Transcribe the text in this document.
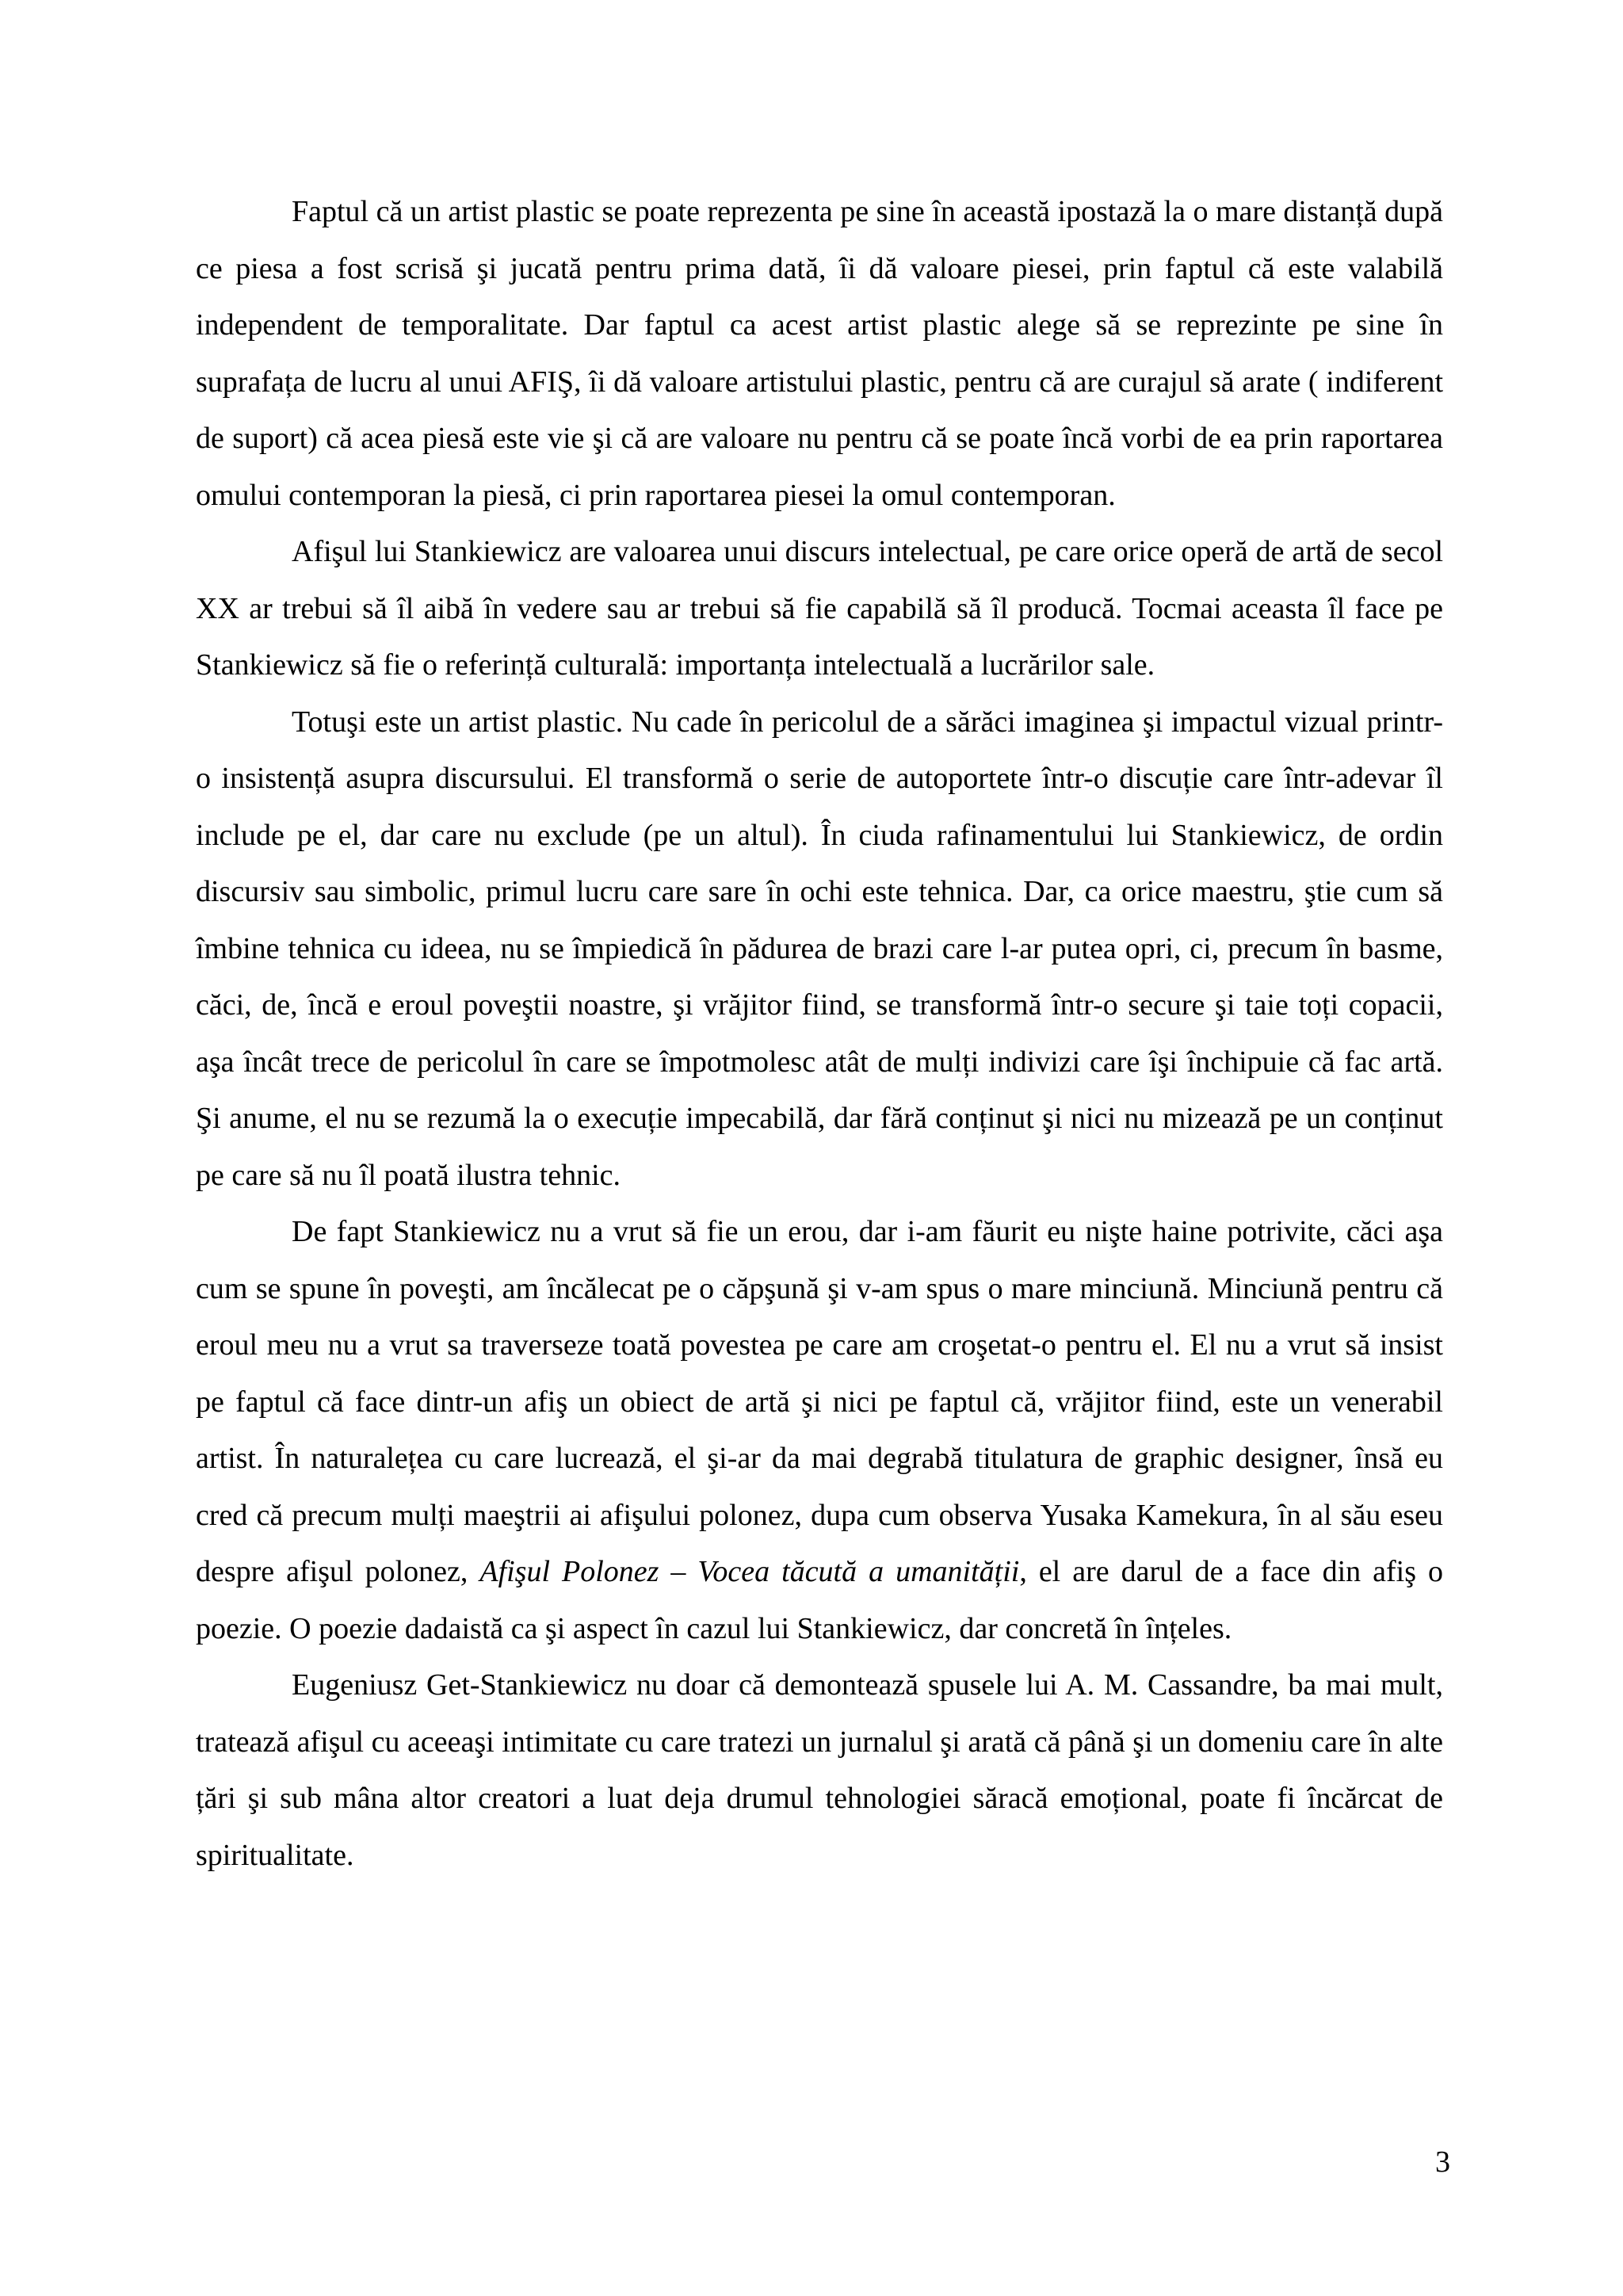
Faptul că un artist plastic se poate reprezenta pe sine în această ipostază la o mare distanță după ce piesa a fost scrisă şi jucată pentru prima dată, îi dă valoare piesei, prin faptul că este valabilă independent de temporalitate. Dar faptul ca acest artist plastic alege să se reprezinte pe sine în suprafața de lucru al unui AFIŞ, îi dă valoare artistului plastic, pentru că are curajul să arate ( indiferent de suport) că acea piesă este vie şi că are valoare nu pentru că se poate încă vorbi de ea prin raportarea omului contemporan la piesă, ci prin raportarea piesei la omul contemporan.

Afişul lui Stankiewicz are valoarea unui discurs intelectual, pe care orice operă de artă de secol XX ar trebui să îl aibă în vedere sau ar trebui să fie capabilă să îl producă. Tocmai aceasta îl face pe Stankiewicz să fie o referință culturală: importanța intelectuală a lucrărilor sale.

Totuşi este un artist plastic. Nu cade în pericolul de a sărăci imaginea şi impactul vizual printr-o insistență asupra discursului. El transformă o serie de autoportete într-o discuție care într-adevar îl include pe el, dar care nu exclude (pe un altul). În ciuda rafinamentului lui Stankiewicz, de ordin discursiv sau simbolic, primul lucru care sare în ochi este tehnica. Dar, ca orice maestru, ştie cum să îmbine tehnica cu ideea, nu se împiedică în pădurea de brazi care l-ar putea opri, ci, precum în basme, căci, de, încă e eroul poveştii noastre, şi vrăjitor fiind, se transformă într-o secure şi taie toți copacii, aşa încât trece de pericolul în care se împotmolesc atât de mulți indivizi care îşi închipuie că fac artă. Şi anume, el nu se rezumă la o execuție impecabilă, dar fără conținut şi nici nu mizează pe un conținut pe care să nu îl poată ilustra tehnic.

De fapt Stankiewicz nu a vrut să fie un erou, dar i-am făurit eu nişte haine potrivite, căci aşa cum se spune în poveşti, am încălecat pe o căpşună şi v-am spus o mare minciună. Minciună pentru că eroul meu nu a vrut sa traverseze toată povestea pe care am croşetat-o pentru el. El nu a vrut să insist pe faptul că face dintr-un afiş un obiect de artă şi nici pe faptul că, vrăjitor fiind, este un venerabil artist. În naturalețea cu care lucrează, el şi-ar da mai degrabă titulatura de graphic designer, însă eu cred că precum mulți maeştrii ai afişului polonez, dupa cum observa Yusaka Kamekura, în al său eseu despre afişul polonez, Afişul Polonez – Vocea tăcută a umanității, el are darul de a face din afiş o poezie. O poezie dadaistă ca şi aspect în cazul lui Stankiewicz, dar concretă în înțeles.

Eugeniusz Get-Stankiewicz nu doar că demontează spusele lui A. M. Cassandre, ba mai mult, tratează afişul cu aceeaşi intimitate cu care tratezi un jurnalul şi arată că până şi un domeniu care în alte țări şi sub mâna altor creatori a luat deja drumul tehnologiei săracă emoțional, poate fi încărcat de spiritualitate.

3
